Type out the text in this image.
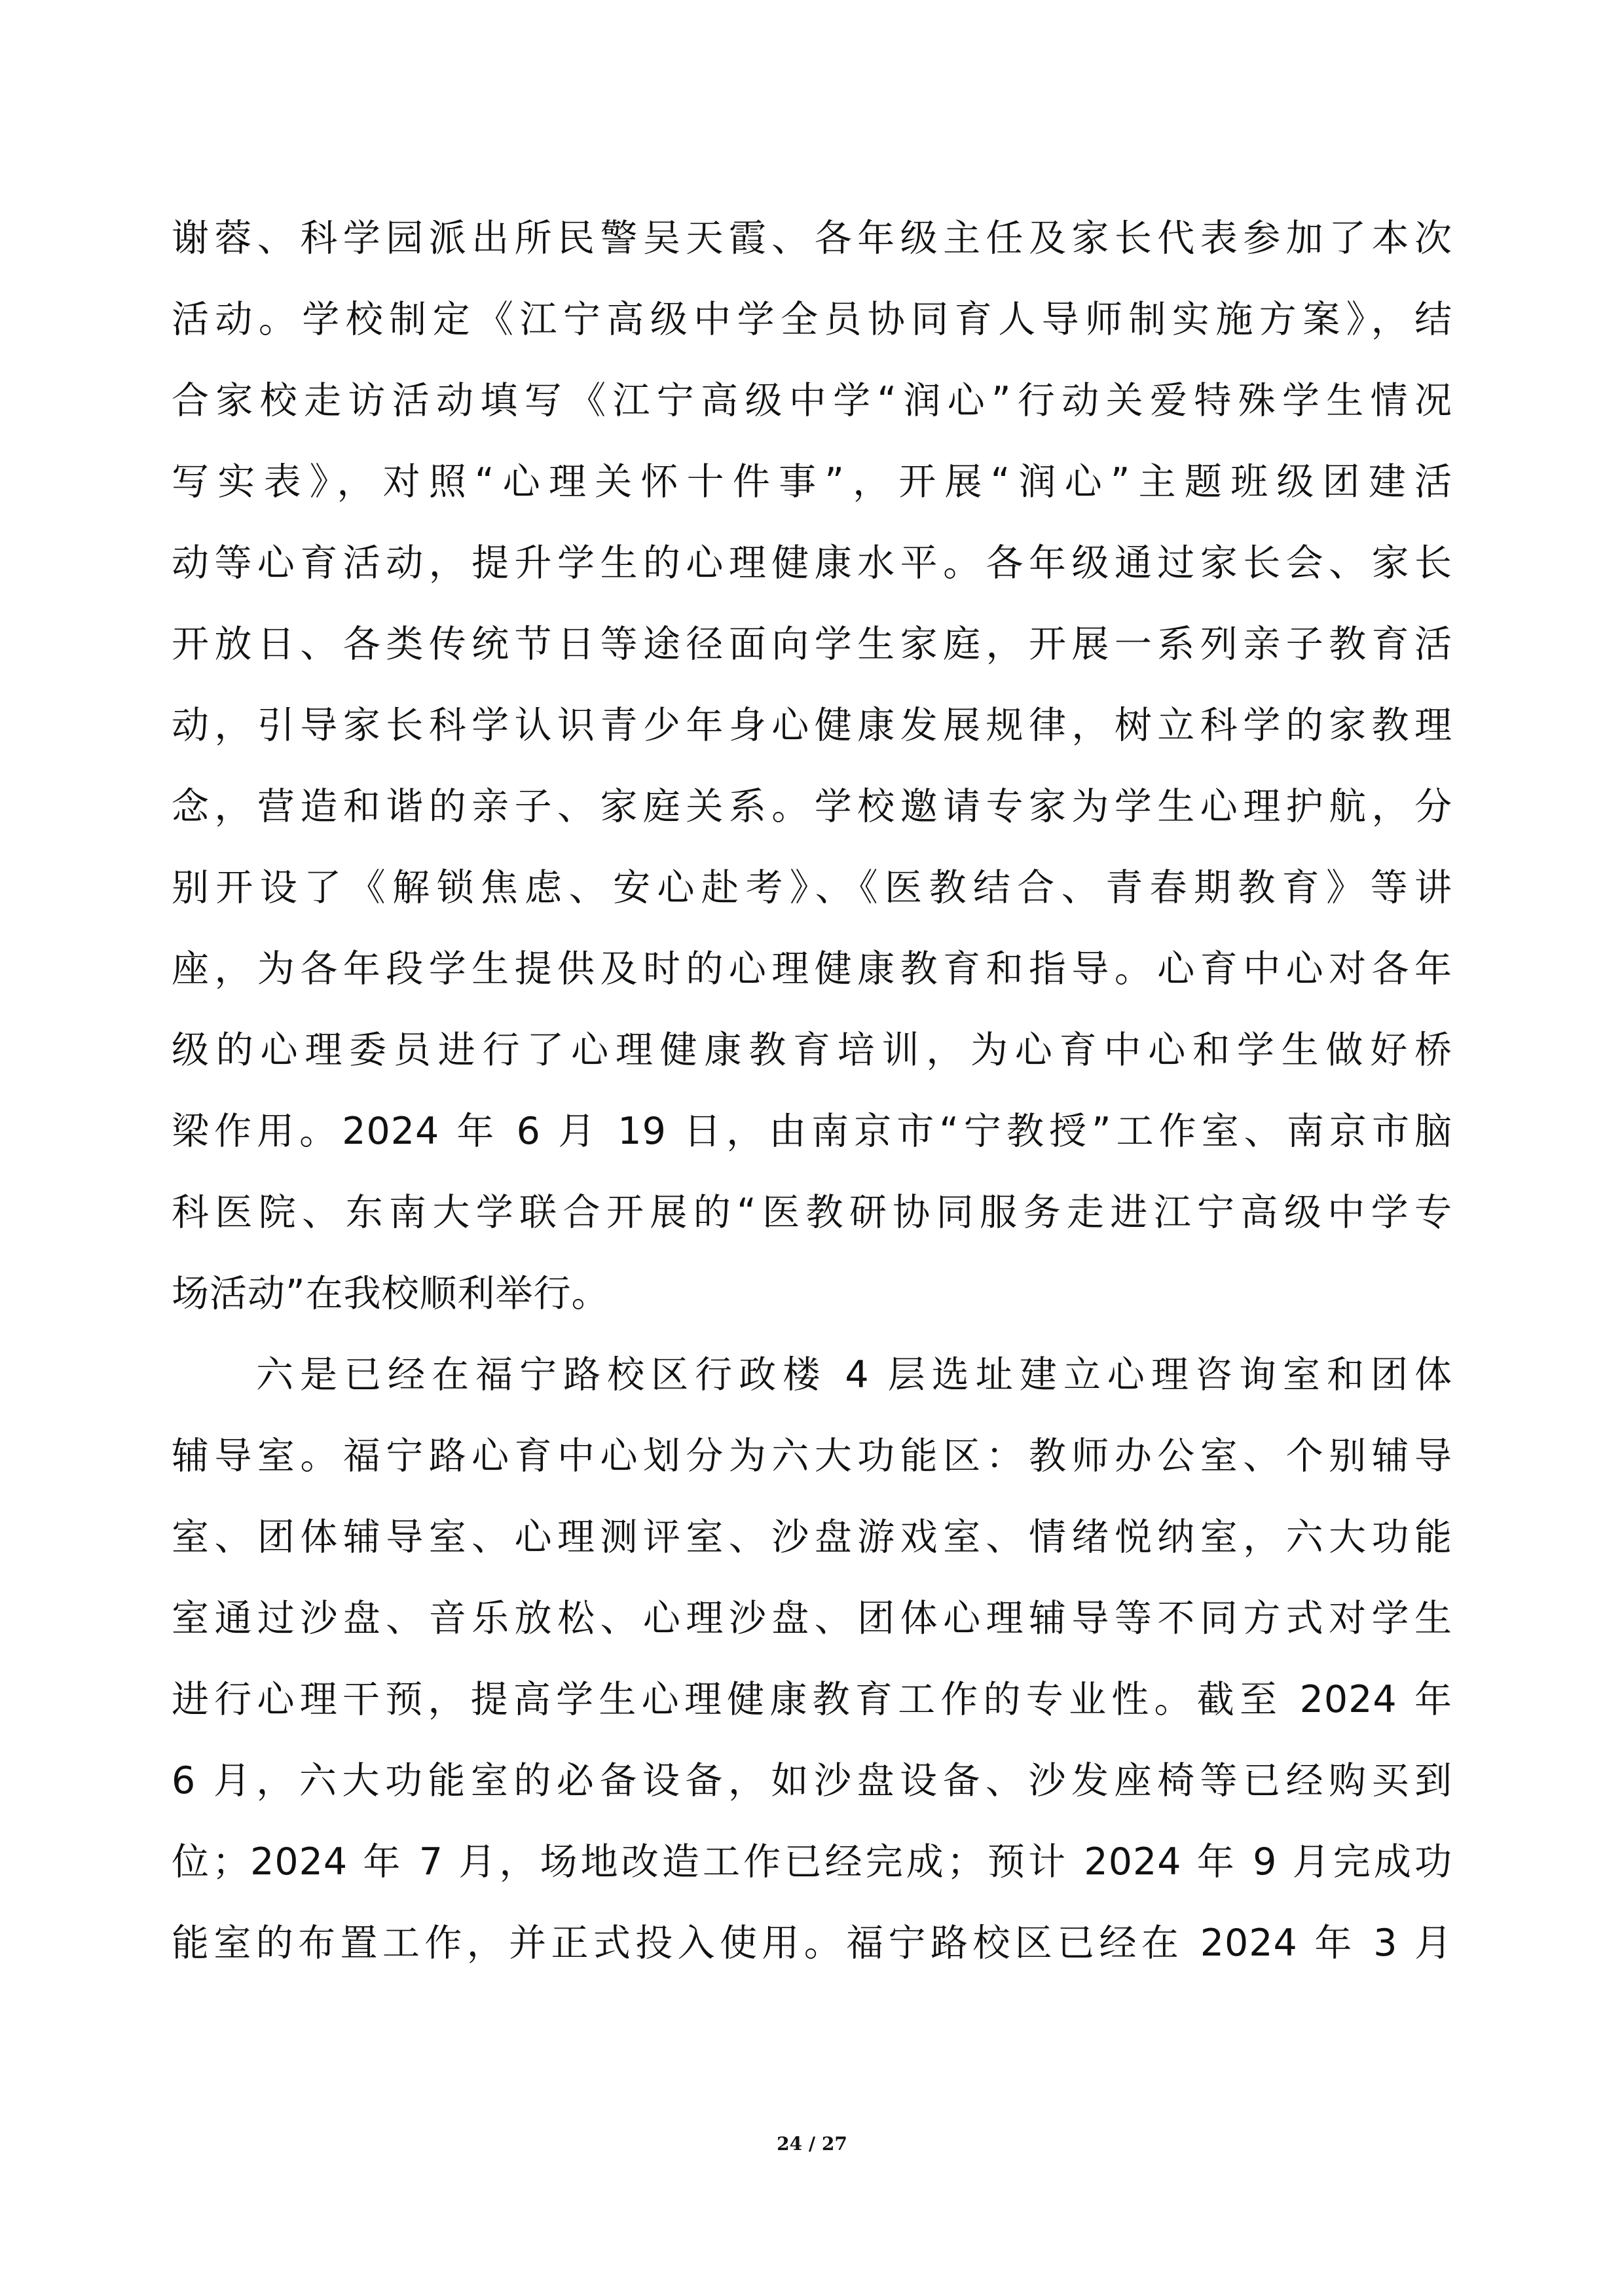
谢蓉、科学园派出所民警吴天霞、各年级主任及家长代表参加了本次
活动。学校制定《江宁高级中学全员协同育人导师制实施方案》，结
合家校走访活动填写《江宁高级中学“润心”行动关爱特殊学生情况
写实表》，对照“心理关怀十件事”，开展“润心”主题班级团建活
动等心育活动，提升学生的心理健康水平。各年级通过家长会、家长
开放日、各类传统节日等途径面向学生家庭，开展一系列亲子教育活
动，引导家长科学认识青少年身心健康发展规律，树立科学的家教理
念，营造和谐的亲子、家庭关系。学校邀请专家为学生心理护航，分
别开设了《解锁焦虑、安心赴考》、《医教结合、青春期教育》等讲
座，为各年段学生提供及时的心理健康教育和指导。心育中心对各年
级的心理委员进行了心理健康教育培训，为心育中心和学生做好桥
梁作用。2024 年 6 月 19 日，由南京市“宁教授”工作室、南京市脑
科医院、东南大学联合开展的“医教研协同服务走进江宁高级中学专
场活动”在我校顺利举行。
六是已经在福宁路校区行政楼 4 层选址建立心理咨询室和团体
辅导室。福宁路心育中心划分为六大功能区：教师办公室、个别辅导
室、团体辅导室、心理测评室、沙盘游戏室、情绪悦纳室，六大功能
室通过沙盘、音乐放松、心理沙盘、团体心理辅导等不同方式对学生
进行心理干预，提高学生心理健康教育工作的专业性。截至 2024 年
6 月，六大功能室的必备设备，如沙盘设备、沙发座椅等已经购买到
位；2024 年 7 月，场地改造工作已经完成；预计 2024 年 9 月完成功
能室的布置工作，并正式投入使用。福宁路校区已经在 2024 年 3 月
24 / 27
